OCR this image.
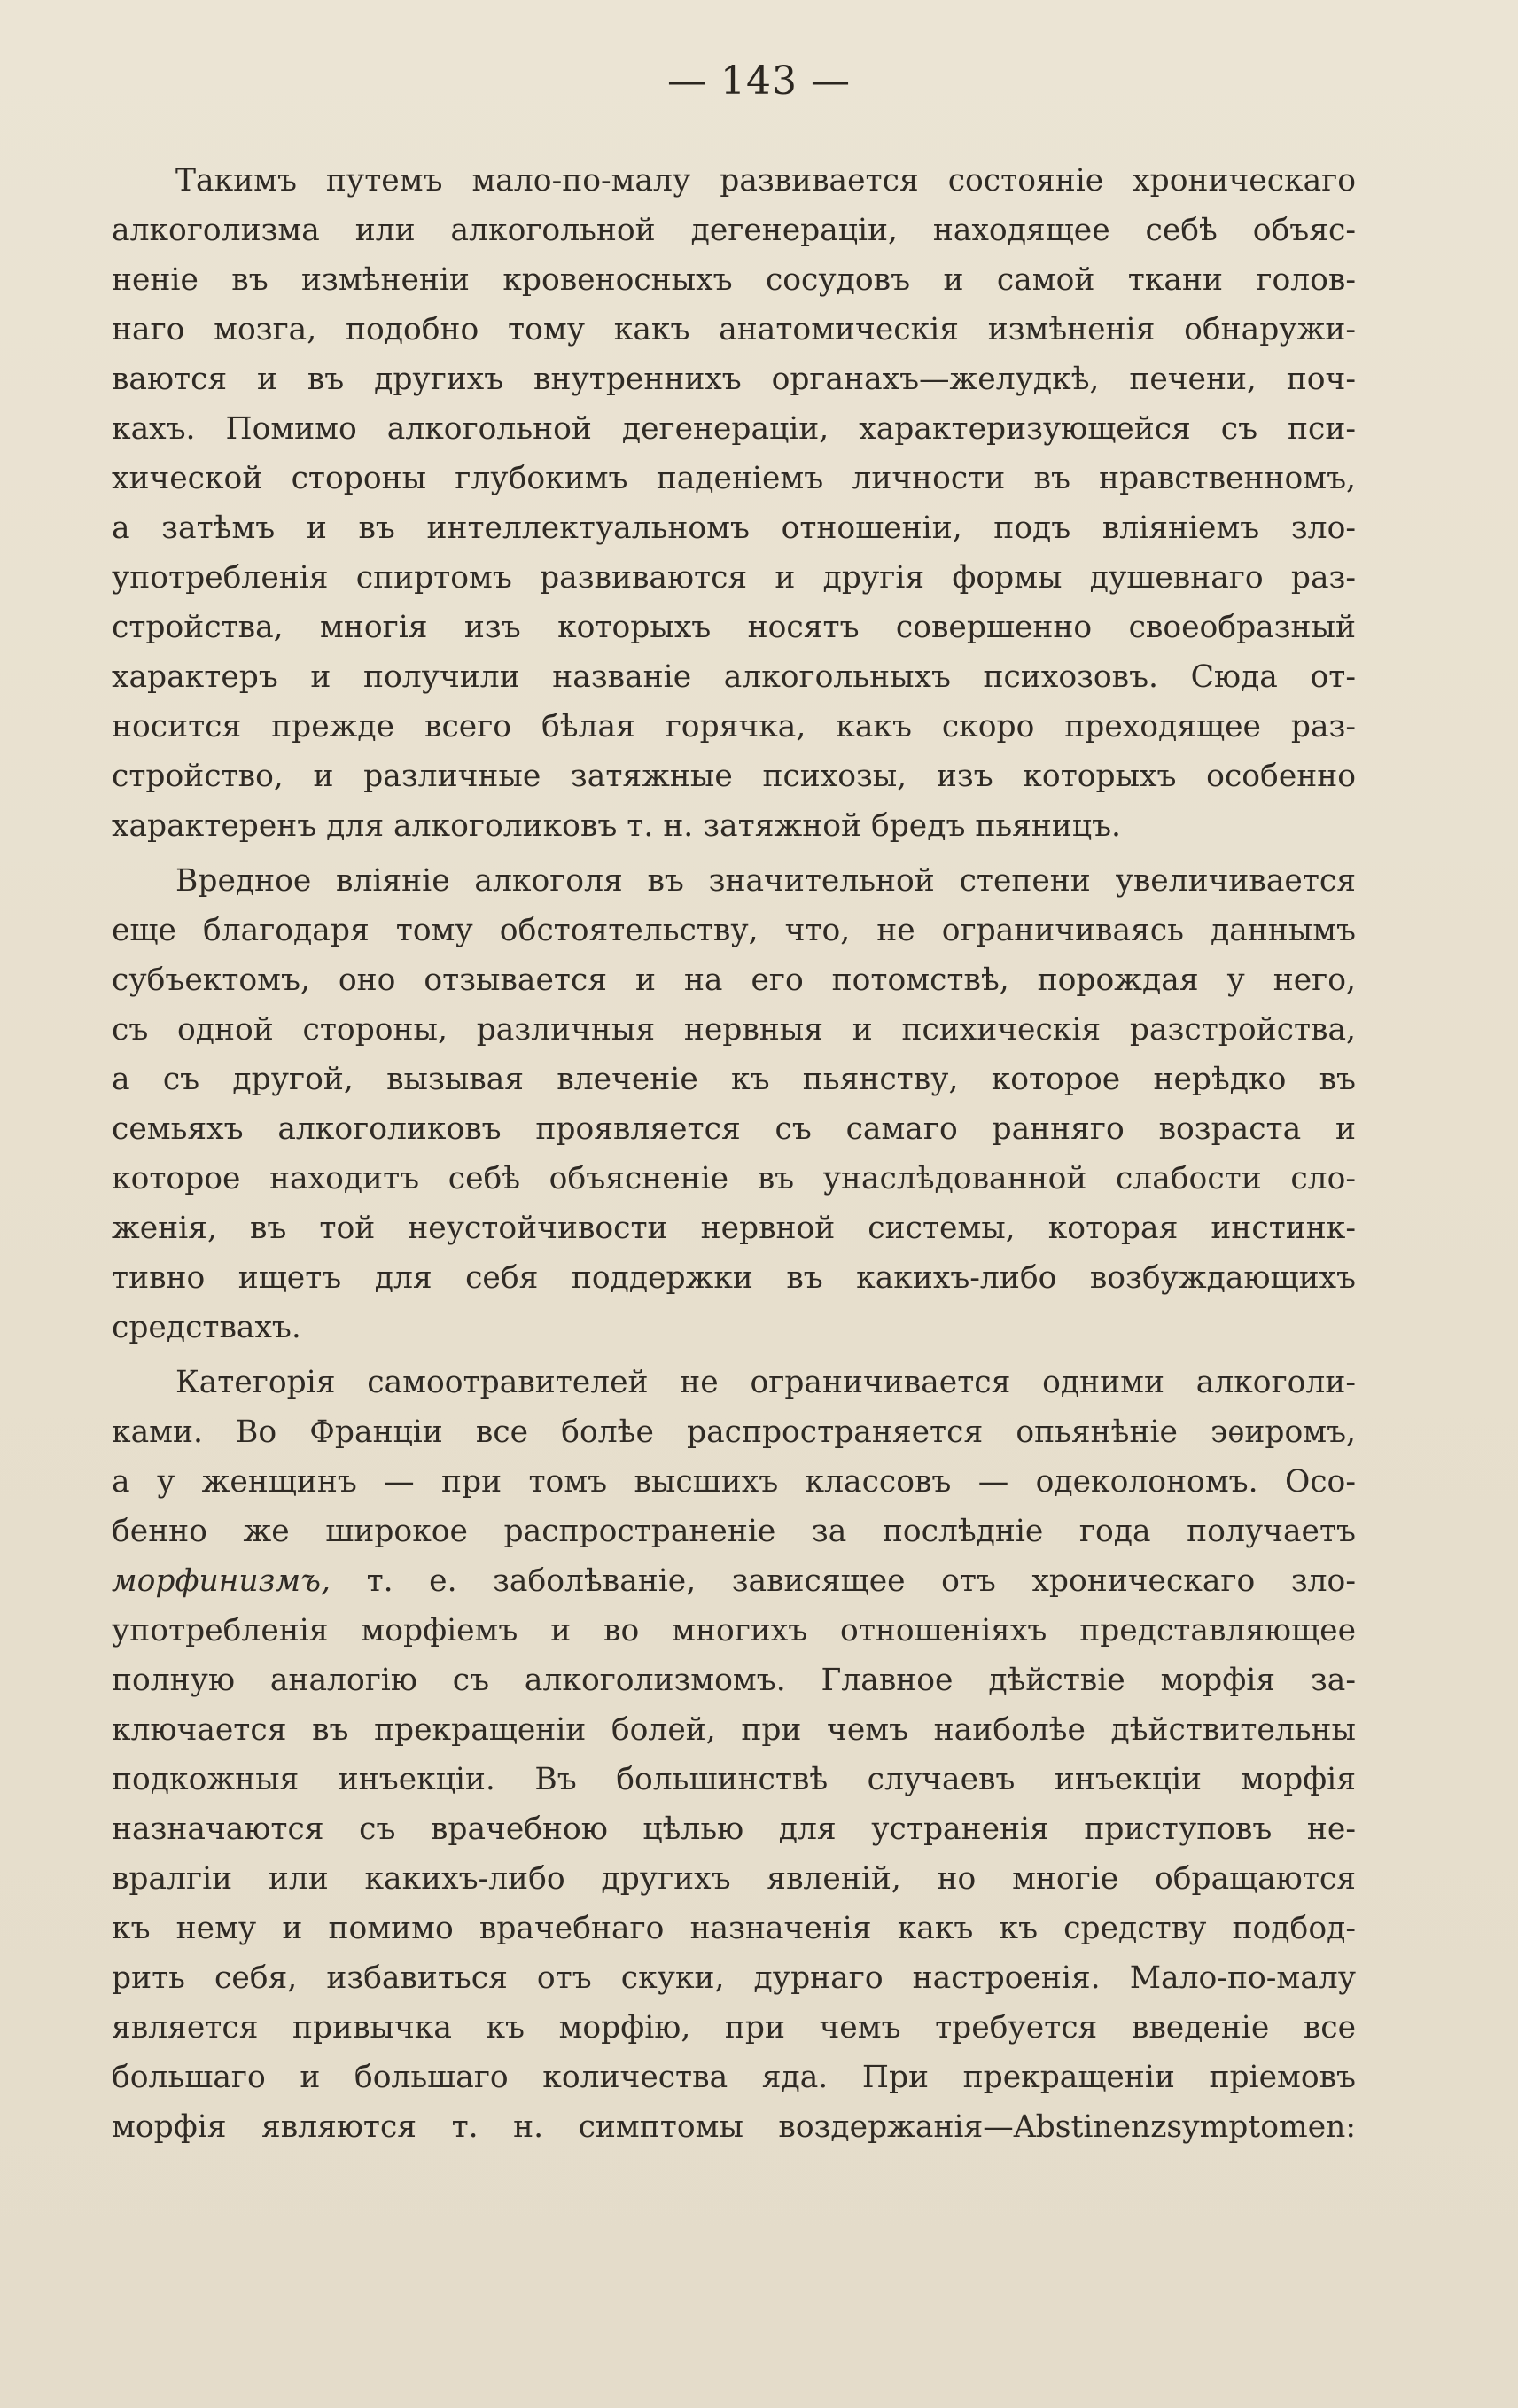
— 143 —
Такимъ путемъ мало-по-малу развивается состоянiе хроническаго
алкоголизма или алкогольной дегенерацiи, находящее себѣ объяс-
ненiе въ измѣненiи кровеносныхъ сосудовъ и самой ткани голов-
наго мозга, подобно тому какъ анатомическiя измѣненiя обнаружи-
ваются и въ другихъ внутреннихъ органахъ—желудкѣ, печени, поч-
кахъ. Помимо алкогольной дегенерацiи, характеризующейся съ пси-
хической стороны глубокимъ паденiемъ личности въ нравственномъ,
а затѣмъ и въ интеллектуальномъ отношенiи, подъ влiянiемъ зло-
употребленiя спиртомъ развиваются и другiя формы душевнаго раз-
стройства, многiя изъ которыхъ носятъ совершенно своеобразный
характеръ и получили названiе алкогольныхъ психозовъ. Сюда от-
носится прежде всего бѣлая горячка, какъ скоро преходящее раз-
стройство, и различные затяжные психозы, изъ которыхъ особенно
характеренъ для алкоголиковъ т. н. затяжной бредъ пьяницъ.
Вредное влiянiе алкоголя въ значительной степени увеличивается
еще благодаря тому обстоятельству, что, не ограничиваясь даннымъ
субъектомъ, оно отзывается и на его потомствѣ, порождая у него,
съ одной стороны, различныя нервныя и психическiя разстройства,
а съ другой, вызывая влеченiе къ пьянству, которое нерѣдко въ
семьяхъ алкоголиковъ проявляется съ самаго ранняго возраста и
которое находитъ себѣ объясненiе въ унаслѣдованной слабости сло-
женiя, въ той неустойчивости нервной системы, которая инстинк-
тивно ищетъ для себя поддержки въ какихъ-либо возбуждающихъ
средствахъ.
Категорiя самоотравителей не ограничивается одними алкоголи-
ками. Во Францiи все болѣе распространяется опьянѣнiе эѳиромъ,
а у женщинъ — при томъ высшихъ классовъ — одеколономъ. Осо-
бенно же широкое распространенiе за послѣднiе года получаетъ
морфинизмъ, т. е. заболѣванiе, зависящее отъ хроническаго зло-
употребленiя морфiемъ и во многихъ отношенiяхъ представляющее
полную аналогiю съ алкоголизмомъ. Главное дѣйствiе морфiя за-
ключается въ прекращенiи болей, при чемъ наиболѣе дѣйствительны
подкожныя инъекцiи. Въ большинствѣ случаевъ инъекцiи морфiя
назначаются съ врачебною цѣлью для устраненiя приступовъ не-
вралгiи или какихъ-либо другихъ явленiй, но многiе обращаются
къ нему и помимо врачебнаго назначенiя какъ къ средству подбод-
рить себя, избавиться отъ скуки, дурнаго настроенiя. Мало-по-малу
является привычка къ морфiю, при чемъ требуется введенiе все
большаго и большаго количества яда. При прекращенiи прiемовъ
морфiя являются т. н. симптомы воздержанiя—Abstinenzsymptomen:
